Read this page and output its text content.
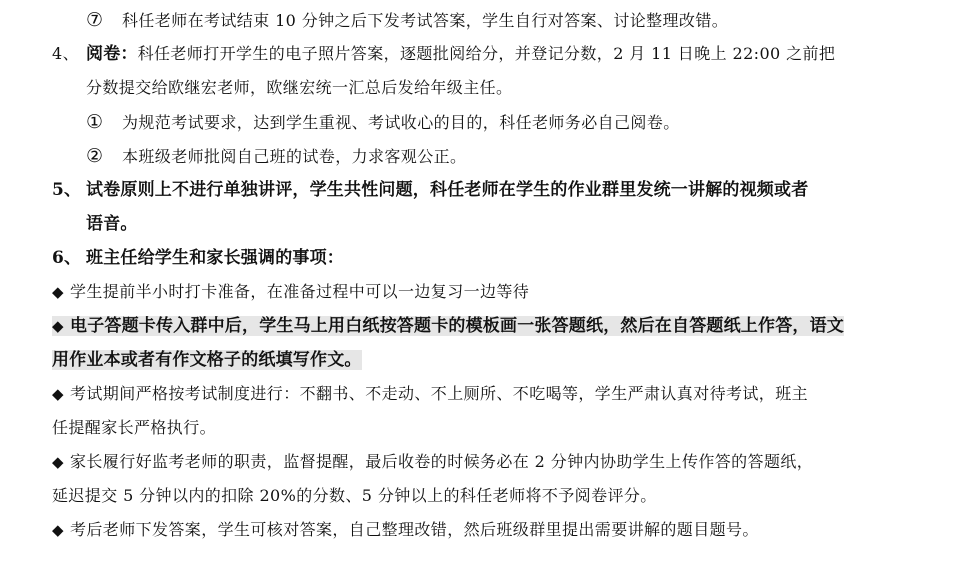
⑦ 科任老师在考试结束 10 分钟之后下发考试答案，学生自行对答案、讨论整理改错。
4、 阅卷：科任老师打开学生的电子照片答案，逐题批阅给分，并登记分数，2 月 11 日晚上 22:00 之前把
分数提交给欧继宏老师，欧继宏统一汇总后发给年级主任。
① 为规范考试要求，达到学生重视、考试收心的目的，科任老师务必自己阅卷。
② 本班级老师批阅自己班的试卷，力求客观公正。
5、 试卷原则上不进行单独讲评，学生共性问题，科任老师在学生的作业群里发统一讲解的视频或者
语音。
6、 班主任给学生和家长强调的事项：
◆ 学生提前半小时打卡准备，在准备过程中可以一边复习一边等待
◆ 电子答题卡传入群中后，学生马上用白纸按答题卡的模板画一张答题纸，然后在自答题纸上作答，语文
用作业本或者有作文格子的纸填写作文。
◆ 考试期间严格按考试制度进行：不翻书、不走动、不上厕所、不吃喝等，学生严肃认真对待考试，班主
任提醒家长严格执行。
◆ 家长履行好监考老师的职责，监督提醒，最后收卷的时候务必在 2 分钟内协助学生上传作答的答题纸，
延迟提交 5 分钟以内的扣除 20%的分数、5 分钟以上的科任老师将不予阅卷评分。
◆ 考后老师下发答案，学生可核对答案，自己整理改错，然后班级群里提出需要讲解的题目题号。
